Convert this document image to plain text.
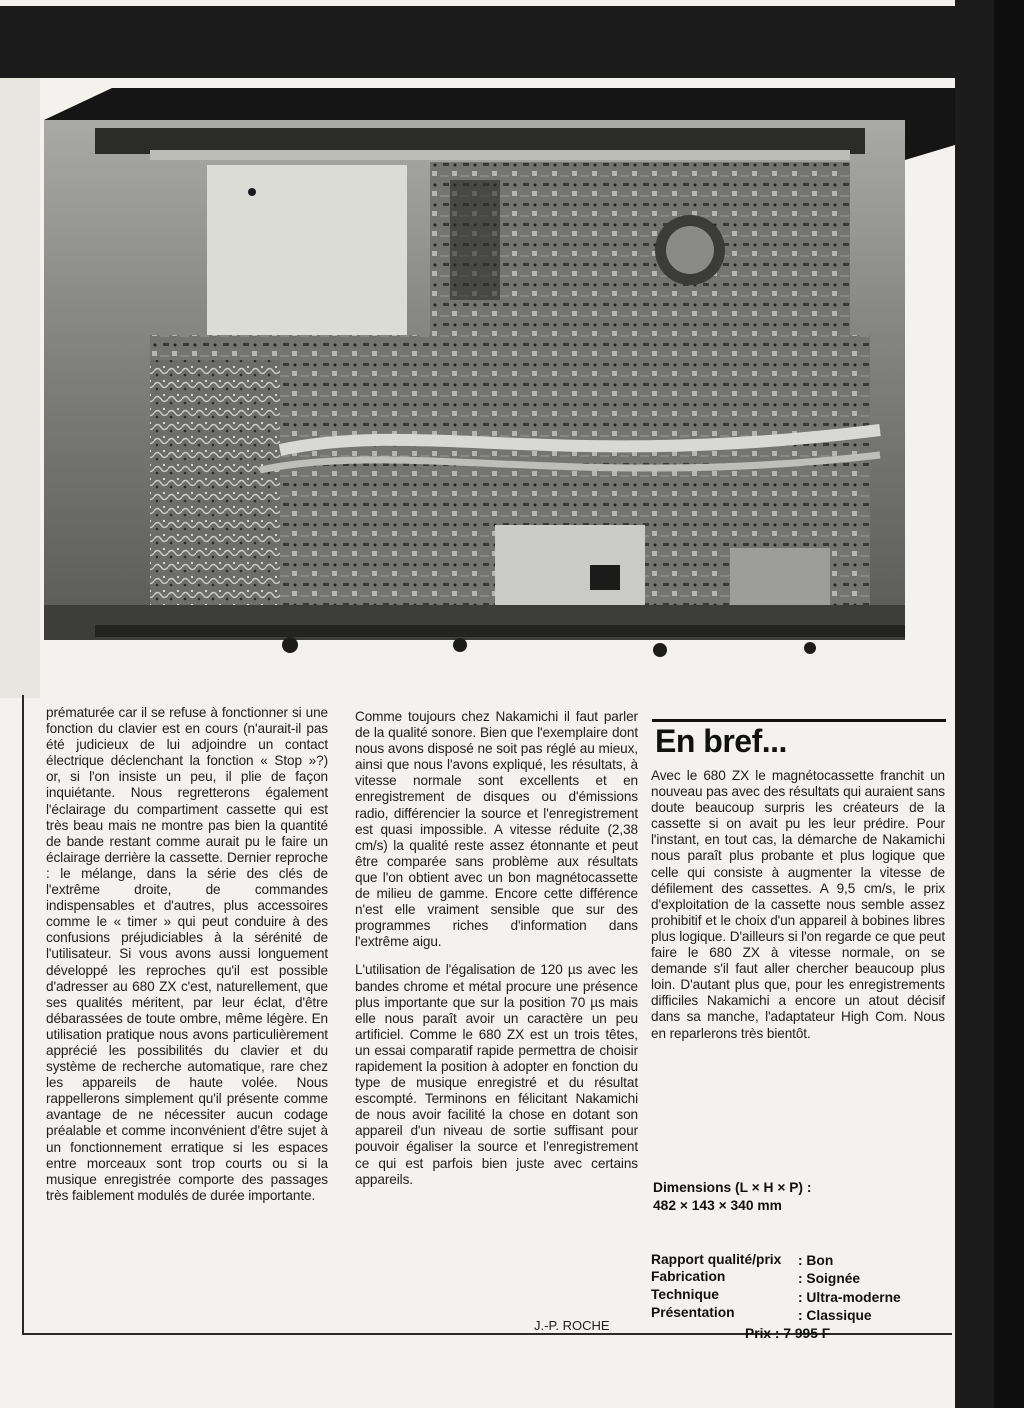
prématurée car il se refuse à fonctionner si une fonction du clavier est en cours (n'aurait-il pas été judicieux de lui adjoindre un contact électrique déclenchant la fonction « Stop »?) or, si l'on insiste un peu, il plie de façon inquiétante. Nous regretterons également l'éclairage du compartiment cassette qui est très beau mais ne montre pas bien la quantité de bande restant comme aurait pu le faire un éclairage derrière la cassette. Dernier reproche : le mélange, dans la série des clés de l'extrême droite, de commandes indispensables et d'autres, plus accessoires comme le « timer » qui peut conduire à des confusions préjudiciables à la sérénité de l'utilisateur. Si vous avons aussi longuement développé les reproches qu'il est possible d'adresser au 680 ZX c'est, naturellement, que ses qualités méritent, par leur éclat, d'être débarassées de toute ombre, même légère. En utilisation pratique nous avons particulièrement apprécié les possibilités du clavier et du système de recherche automatique, rare chez les appareils de haute volée. Nous rappellerons simplement qu'il présente comme avantage de ne nécessiter aucun codage préalable et comme inconvénient d'être sujet à un fonctionnement erratique si les espaces entre morceaux sont trop courts ou si la musique enregistrée comporte des passages très faiblement modulés de durée importante.

Comme toujours chez Nakamichi il faut parler de la qualité sonore. Bien que l'exemplaire dont nous avons disposé ne soit pas réglé au mieux, ainsi que nous l'avons expliqué, les résultats, à vitesse normale sont excellents et en enregistrement de disques ou d'émissions radio, différencier la source et l'enregistrement est quasi impossible. A vitesse réduite (2,38 cm/s) la qualité reste assez étonnante et peut être comparée sans problème aux résultats que l'on obtient avec un bon magnétocassette de milieu de gamme. Encore cette différence n'est elle vraiment sensible que sur des programmes riches d'information dans l'extrême aigu.

L'utilisation de l'égalisation de 120 µs avec les bandes chrome et métal procure une présence plus importante que sur la position 70 µs mais elle nous paraît avoir un caractère un peu artificiel. Comme le 680 ZX est un trois têtes, un essai comparatif rapide permettra de choisir rapidement la position à adopter en fonction du type de musique enregistré et du résultat escompté. Terminons en félicitant Nakamichi de nous avoir facilité la chose en dotant son appareil d'un niveau de sortie suffisant pour pouvoir égaliser la source et l'enregistrement ce qui est parfois bien juste avec certains appareils.

J.-P. ROCHE
En bref...

Avec le 680 ZX le magnétocassette franchit un nouveau pas avec des résultats qui auraient sans doute beaucoup surpris les créateurs de la cassette si on avait pu les leur prédire. Pour l'instant, en tout cas, la démarche de Nakamichi nous paraît plus probante et plus logique que celle qui consiste à augmenter la vitesse de défilement des cassettes. A 9,5 cm/s, le prix d'exploitation de la cassette nous semble assez prohibitif et le choix d'un appareil à bobines libres plus logique. D'ailleurs si l'on regarde ce que peut faire le 680 ZX à vitesse normale, on se demande s'il faut aller chercher beaucoup plus loin. D'autant plus que, pour les enregistrements difficiles Nakamichi a encore un atout décisif dans sa manche, l'adaptateur High Com. Nous en reparlerons très bientôt.

Dimensions (L × H × P) :
482 × 143 × 340 mm
Rapport qualité/prix : Bon
Fabrication	: Soignée
Technique	: Ultra-moderne
Présentation	: Classique
Prix : 7 995 F
